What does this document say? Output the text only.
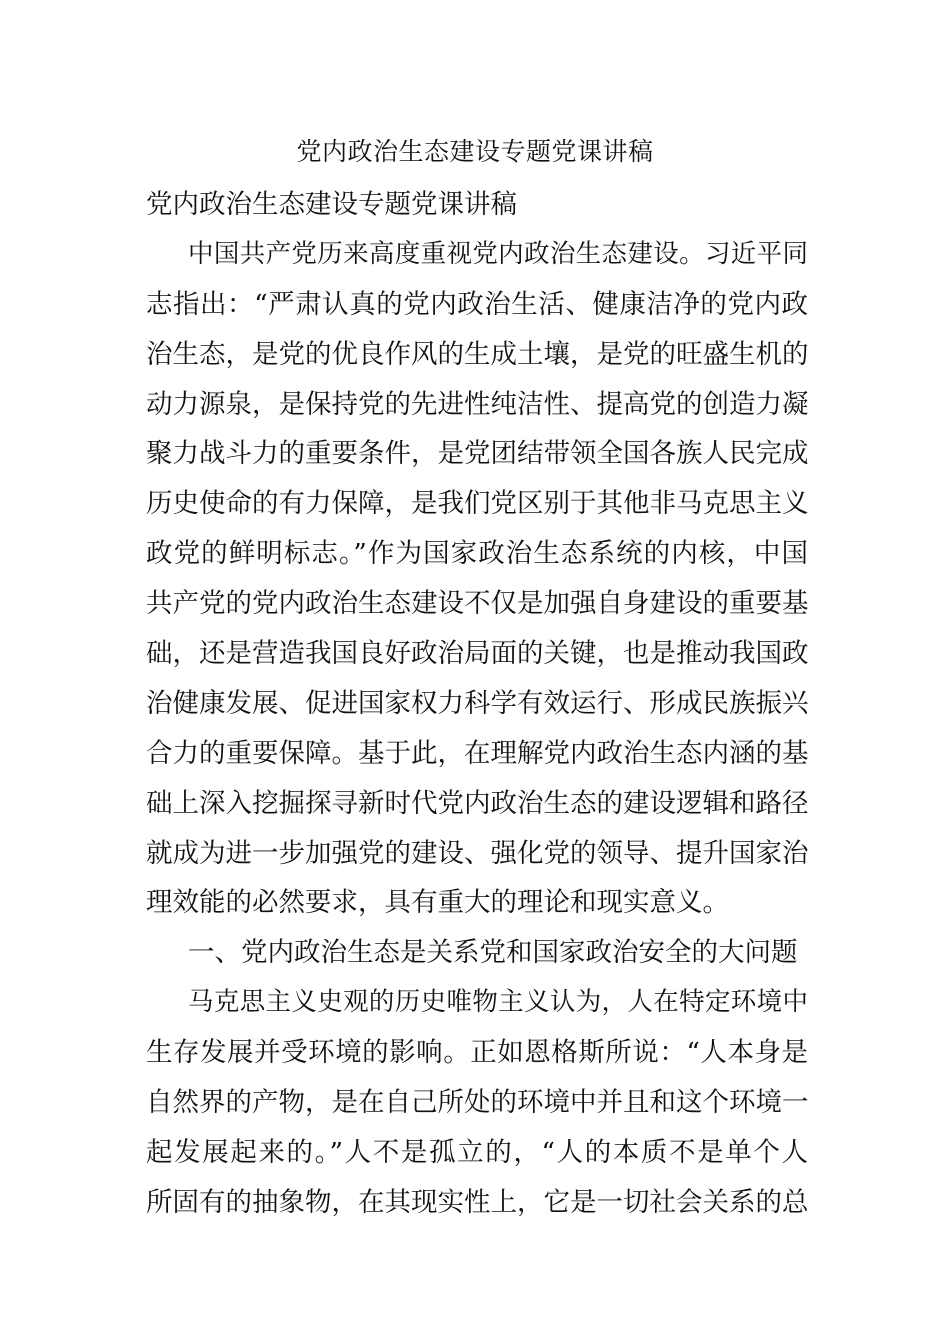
党内政治生态建设专题党课讲稿
党内政治生态建设专题党课讲稿
中国共产党历来高度重视党内政治生态建设。习近平同
志指出：“严肃认真的党内政治生活、健康洁净的党内政
治生态，是党的优良作风的生成土壤，是党的旺盛生机的
动力源泉，是保持党的先进性纯洁性、提高党的创造力凝
聚力战斗力的重要条件，是党团结带领全国各族人民完成
历史使命的有力保障，是我们党区别于其他非马克思主义
政党的鲜明标志。”作为国家政治生态系统的内核，中国
共产党的党内政治生态建设不仅是加强自身建设的重要基
础，还是营造我国良好政治局面的关键，也是推动我国政
治健康发展、促进国家权力科学有效运行、形成民族振兴
合力的重要保障。基于此，在理解党内政治生态内涵的基
础上深入挖掘探寻新时代党内政治生态的建设逻辑和路径
就成为进一步加强党的建设、强化党的领导、提升国家治
理效能的必然要求，具有重大的理论和现实意义。
一、党内政治生态是关系党和国家政治安全的大问题
马克思主义史观的历史唯物主义认为，人在特定环境中
生存发展并受环境的影响。正如恩格斯所说：“人本身是
自然界的产物，是在自己所处的环境中并且和这个环境一
起发展起来的。”人不是孤立的，“人的本质不是单个人
所固有的抽象物，在其现实性上，它是一切社会关系的总
